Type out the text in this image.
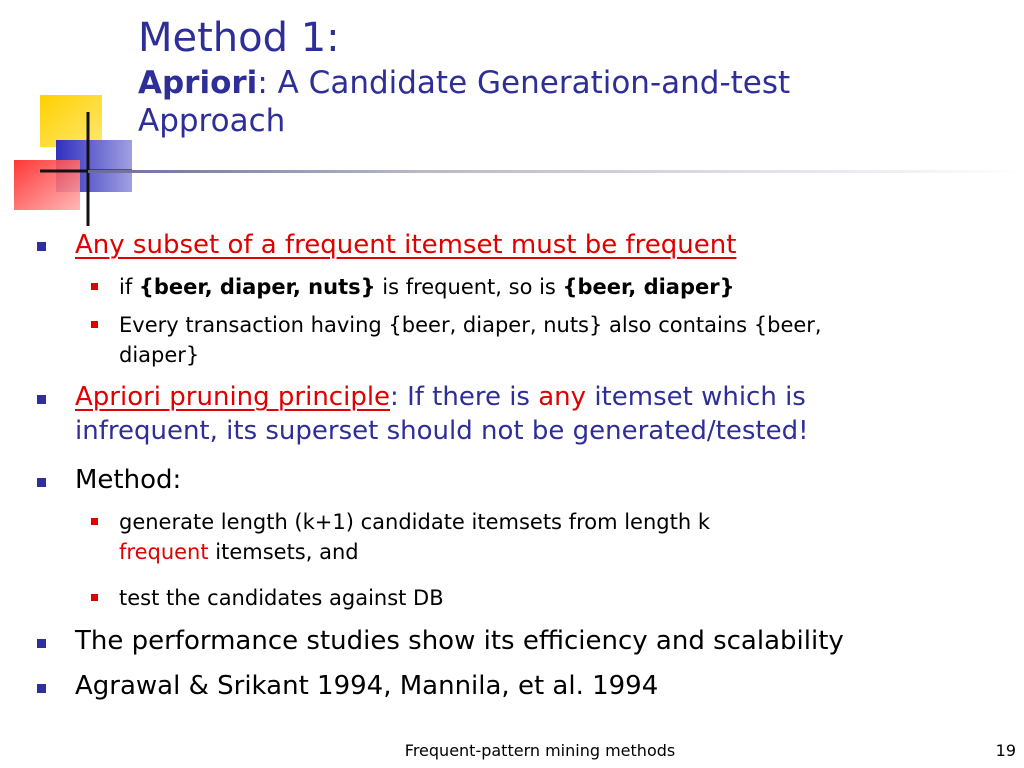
Method 1:
Apriori: A Candidate Generation-and-test
Approach
Any subset of a frequent itemset must be frequent
if {beer, diaper, nuts} is frequent, so is {beer, diaper}
Every transaction having {beer, diaper, nuts} also contains {beer,
diaper}
Apriori pruning principle: If there is any itemset which is
infrequent, its superset should not be generated/tested!
Method:
generate length (k+1) candidate itemsets from length k
frequent itemsets, and
test the candidates against DB
The performance studies show its efficiency and scalability
Agrawal & Srikant 1994, Mannila, et al. 1994
Frequent-pattern mining methods	19
